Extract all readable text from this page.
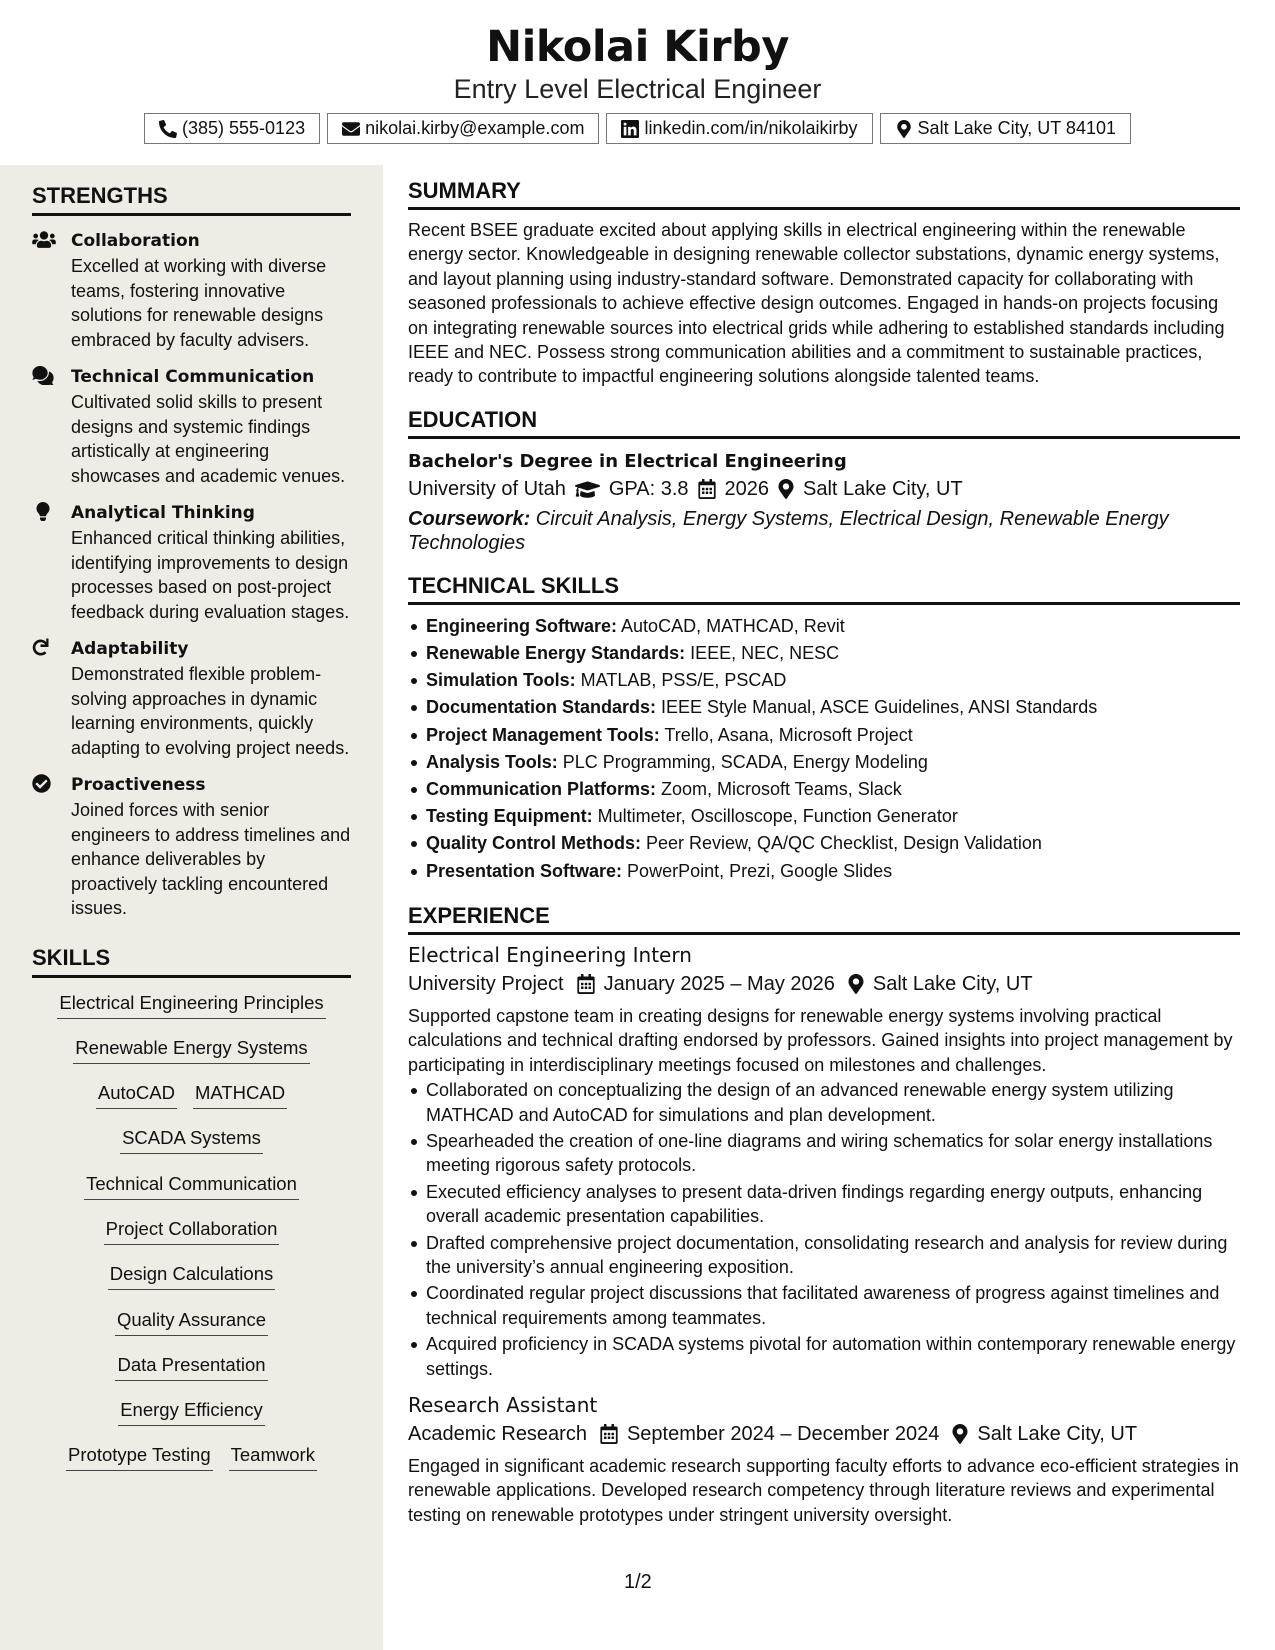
Nikolai Kirby
Entry Level Electrical Engineer
(385) 555-0123	nikolai.kirby@example.com	linkedin.com/in/nikolaikirby	Salt Lake City, UT 84101
STRENGTHS
Collaboration
Excelled at working with diverse teams, fostering innovative solutions for renewable designs embraced by faculty advisers.
Technical Communication
Cultivated solid skills to present designs and systemic findings artistically at engineering showcases and academic venues.
Analytical Thinking
Enhanced critical thinking abilities, identifying improvements to design processes based on post-project feedback during evaluation stages.
Adaptability
Demonstrated flexible problem-solving approaches in dynamic learning environments, quickly adapting to evolving project needs.
Proactiveness
Joined forces with senior engineers to address timelines and enhance deliverables by proactively tackling encountered issues.
SKILLS
Electrical Engineering Principles
Renewable Energy Systems
AutoCAD MATHCAD
SCADA Systems
Technical Communication
Project Collaboration
Design Calculations
Quality Assurance
Data Presentation
Energy Efficiency
Prototype Testing Teamwork
SUMMARY
Recent BSEE graduate excited about applying skills in electrical engineering within the renewable energy sector. Knowledgeable in designing renewable collector substations, dynamic energy systems, and layout planning using industry-standard software. Demonstrated capacity for collaborating with seasoned professionals to achieve effective design outcomes. Engaged in hands-on projects focusing on integrating renewable sources into electrical grids while adhering to established standards including IEEE and NEC. Possess strong communication abilities and a commitment to sustainable practices, ready to contribute to impactful engineering solutions alongside talented teams.
EDUCATION
Bachelor's Degree in Electrical Engineering
University of Utah GPA: 3.8 2026 Salt Lake City, UT
Coursework: Circuit Analysis, Energy Systems, Electrical Design, Renewable Energy Technologies
TECHNICAL SKILLS
Engineering Software: AutoCAD, MATHCAD, Revit
Renewable Energy Standards: IEEE, NEC, NESC
Simulation Tools: MATLAB, PSS/E, PSCAD
Documentation Standards: IEEE Style Manual, ASCE Guidelines, ANSI Standards
Project Management Tools: Trello, Asana, Microsoft Project
Analysis Tools: PLC Programming, SCADA, Energy Modeling
Communication Platforms: Zoom, Microsoft Teams, Slack
Testing Equipment: Multimeter, Oscilloscope, Function Generator
Quality Control Methods: Peer Review, QA/QC Checklist, Design Validation
Presentation Software: PowerPoint, Prezi, Google Slides
EXPERIENCE
Electrical Engineering Intern
University Project January 2025 – May 2026 Salt Lake City, UT
Supported capstone team in creating designs for renewable energy systems involving practical calculations and technical drafting endorsed by professors. Gained insights into project management by participating in interdisciplinary meetings focused on milestones and challenges.
Collaborated on conceptualizing the design of an advanced renewable energy system utilizing MATHCAD and AutoCAD for simulations and plan development.
Spearheaded the creation of one-line diagrams and wiring schematics for solar energy installations meeting rigorous safety protocols.
Executed efficiency analyses to present data-driven findings regarding energy outputs, enhancing overall academic presentation capabilities.
Drafted comprehensive project documentation, consolidating research and analysis for review during the university’s annual engineering exposition.
Coordinated regular project discussions that facilitated awareness of progress against timelines and technical requirements among teammates.
Acquired proficiency in SCADA systems pivotal for automation within contemporary renewable energy settings.
Research Assistant
Academic Research September 2024 – December 2024 Salt Lake City, UT
Engaged in significant academic research supporting faculty efforts to advance eco-efficient strategies in renewable applications. Developed research competency through literature reviews and experimental testing on renewable prototypes under stringent university oversight.
1/2
